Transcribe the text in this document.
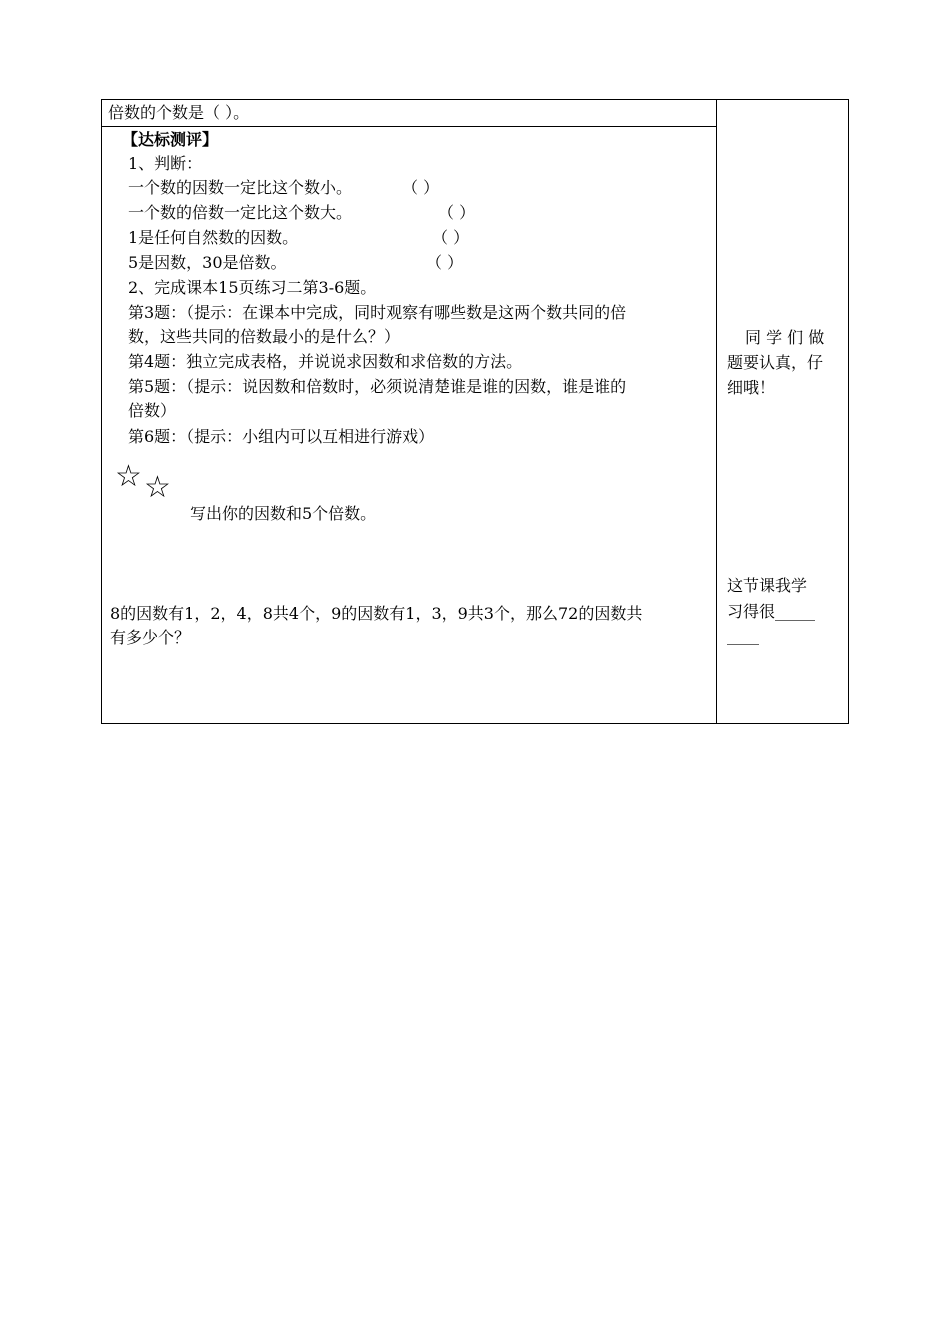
倍数的个数是（ ）。
【达标测评】
1、判断：
一个数的因数一定比这个数小。	（ ）
一个数的倍数一定比这个数大。	（ ）
1是任何自然数的因数。	（ ）
5是因数，30是倍数。	（ ）
2、完成课本15页练习二第3-6题。
第3题：（提示：在课本中完成，同时观察有哪些数是这两个数共同的倍
数，这些共同的倍数最小的是什么？）
第4题：独立完成表格，并说说求因数和求倍数的方法。
第5题：（提示：说因数和倍数时，必须说清楚谁是谁的因数，谁是谁的
倍数）
第6题：（提示：小组内可以互相进行游戏）
☆ ☆
写出你的因数和5个倍数。
8的因数有1，2，4，8共4个，9的因数有1，3，9共3个，那么72的因数共
有多少个？
同 学 们 做
题要认真，仔
细哦！
这节课我学
习得很_____
____
